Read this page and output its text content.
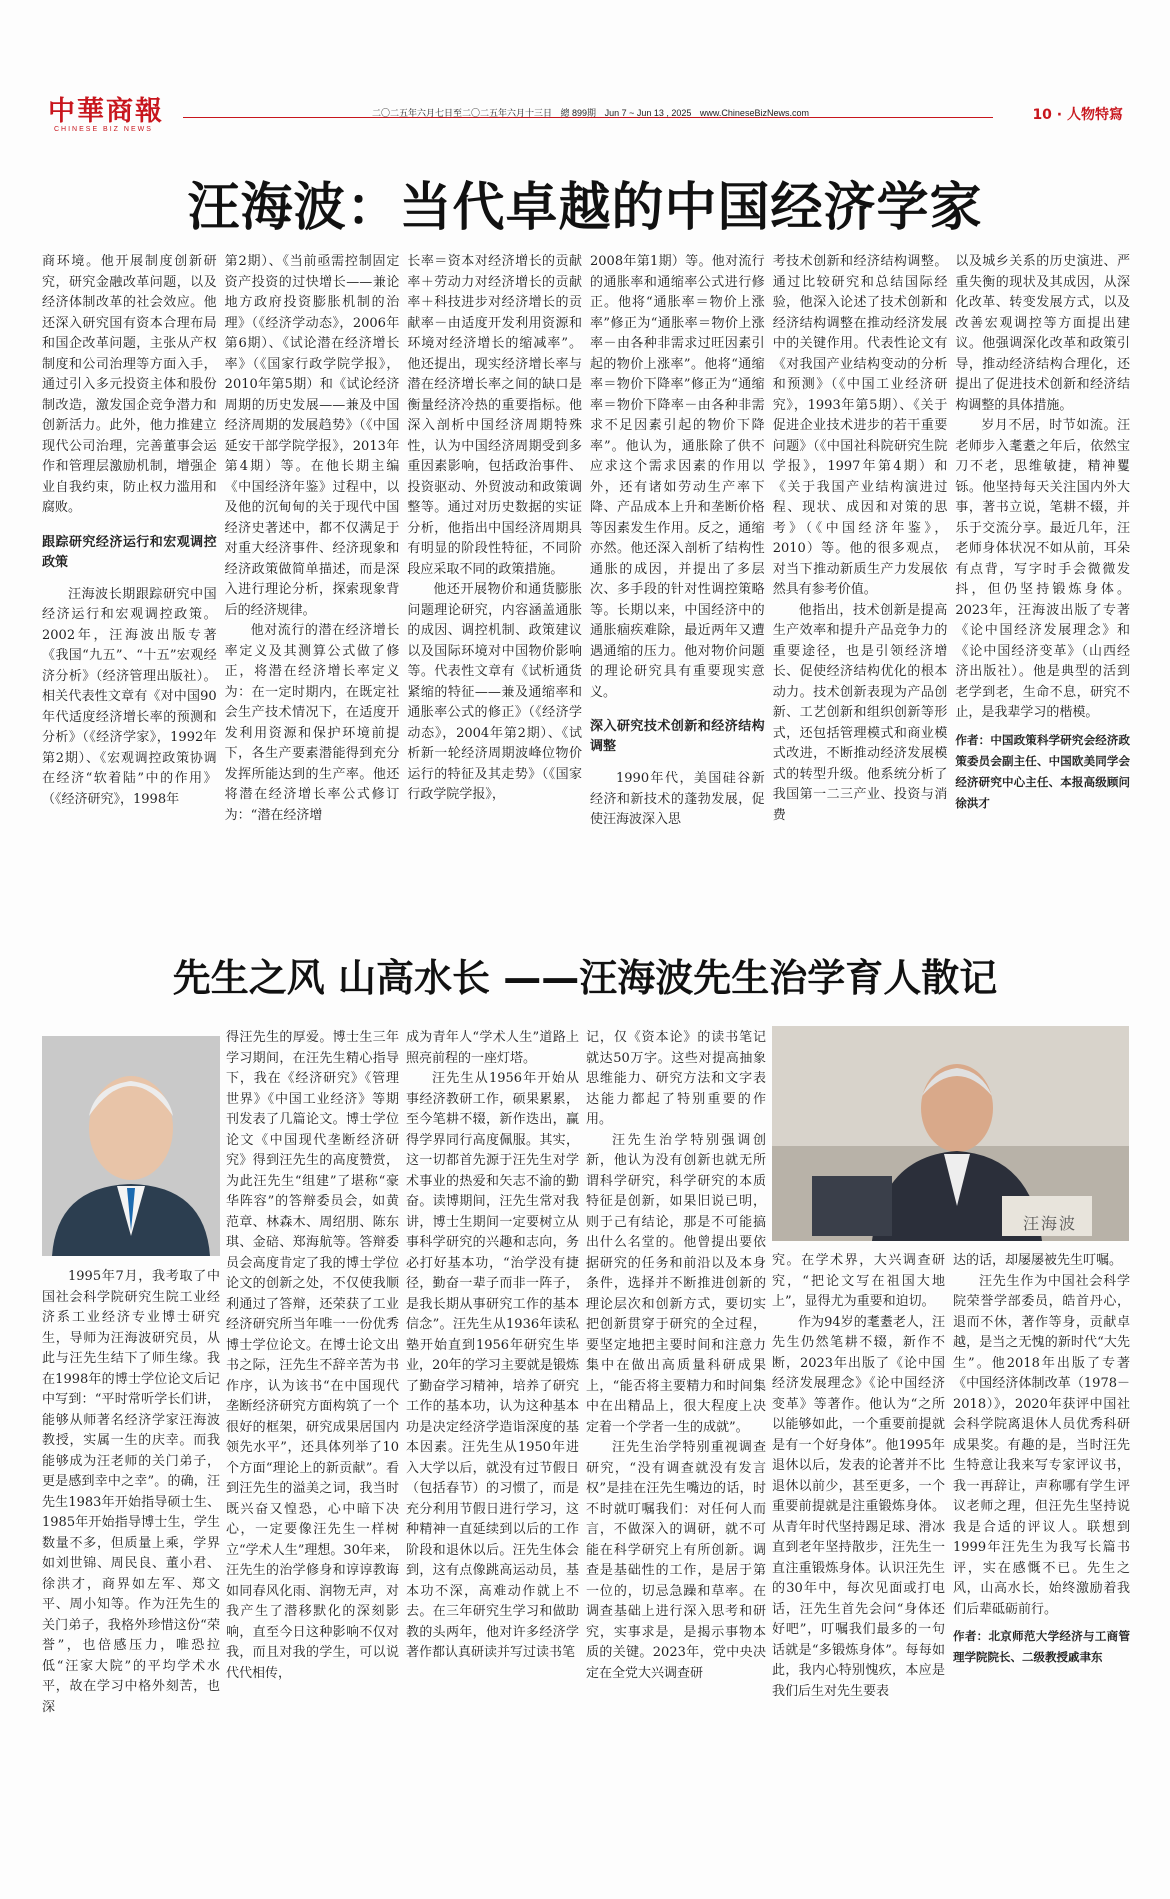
中華商報
CHINESE BIZ NEWS
二〇二五年六月七日至二〇二五年六月十三日 總 899期 Jun 7 ~ Jun 13 , 2025 www.ChineseBizNews.com	10 · 人物特寫
汪海波：当代卓越的中国经济学家

商环境。他开展制度创新研究，研究金融改革问题，以及经济体制改革的社会效应。他还深入研究国有资本合理布局和国企改革问题，主张从产权制度和公司治理等方面入手，通过引入多元投资主体和股份制改造，激发国企竞争潜力和创新活力。此外，他力推建立现代公司治理，完善董事会运作和管理层激励机制，增强企业自我约束，防止权力滥用和腐败。

跟踪研究经济运行和宏观调控政策

汪海波长期跟踪研究中国经济运行和宏观调控政策。2002年，汪海波出版专著《我国“九五”、“十五”宏观经济分析》（经济管理出版社）。相关代表性文章有《对中国90年代适度经济增长率的预测和分析》（《经济学家》，1992年第2期）、《宏观调控政策协调在经济“软着陆”中的作用》（《经济研究》，1998年

第2期）、《当前亟需控制固定资产投资的过快增长——兼论地方政府投资膨胀机制的治理》（《经济学动态》，2006年第6期）、《试论潜在经济增长率》（《国家行政学院学报》，2010年第5期）和《试论经济周期的历史发展——兼及中国经济周期的发展趋势》（《中国延安干部学院学报》，2013年第4期）等。在他长期主编《中国经济年鉴》过程中，以及他的沉甸甸的关于现代中国经济史著述中，都不仅满足于对重大经济事件、经济现象和经济政策做简单描述，而是深入进行理论分析，探索现象背后的经济规律。

他对流行的潜在经济增长率定义及其测算公式做了修正，将潜在经济增长率定义为：在一定时期内，在既定社会生产技术情况下，在适度开发利用资源和保护环境前提下，各生产要素潜能得到充分发挥所能达到的生产率。他还将潜在经济增长率公式修订为：“潜在经济增

长率＝资本对经济增长的贡献率＋劳动力对经济增长的贡献率＋科技进步对经济增长的贡献率－由适度开发利用资源和环境对经济增长的缩减率”。他还提出，现实经济增长率与潜在经济增长率之间的缺口是衡量经济冷热的重要指标。他深入剖析中国经济周期特殊性，认为中国经济周期受到多重因素影响，包括政治事件、投资驱动、外贸波动和政策调整等。通过对历史数据的实证分析，他指出中国经济周期具有明显的阶段性特征，不同阶段应采取不同的政策措施。

他还开展物价和通货膨胀问题理论研究，内容涵盖通胀的成因、调控机制、政策建议以及国际环境对中国物价影响等。代表性文章有《试析通货紧缩的特征——兼及通缩率和通胀率公式的修正》（《经济学动态》，2004年第2期）、《试析新一轮经济周期波峰位物价运行的特征及其走势》（《国家行政学院学报》，

2008年第1期）等。他对流行的通胀率和通缩率公式进行修正。他将“通胀率＝物价上涨率”修正为“通胀率＝物价上涨率－由各种非需求过旺因素引起的物价上涨率”。他将“通缩率＝物价下降率”修正为“通缩率＝物价下降率－由各种非需求不足因素引起的物价下降率”。他认为，通胀除了供不应求这个需求因素的作用以外，还有诸如劳动生产率下降、产品成本上升和垄断价格等因素发生作用。反之，通缩亦然。他还深入剖析了结构性通胀的成因，并提出了多层次、多手段的针对性调控策略等。长期以来，中国经济中的通胀痼疾难除，最近两年又遭遇通缩的压力。他对物价问题的理论研究具有重要现实意义。

深入研究技术创新和经济结构调整

1990年代，美国硅谷新经济和新技术的蓬勃发展，促使汪海波深入思

考技术创新和经济结构调整。通过比较研究和总结国际经验，他深入论述了技术创新和经济结构调整在推动经济发展中的关键作用。代表性论文有《对我国产业结构变动的分析和预测》（《中国工业经济研究》，1993年第5期）、《关于促进企业技术进步的若干重要问题》（《中国社科院研究生院学报》，1997年第4期）和《关于我国产业结构演进过程、现状、成因和对策的思考》（《中国经济年鉴》，2010）等。他的很多观点，对当下推动新质生产力发展依然具有参考价值。

他指出，技术创新是提高生产效率和提升产品竞争力的重要途径，也是引领经济增长、促使经济结构优化的根本动力。技术创新表现为产品创新、工艺创新和组织创新等形式，还包括管理模式和商业模式改进，不断推动经济发展模式的转型升级。他系统分析了我国第一二三产业、投资与消费

以及城乡关系的历史演进、严重失衡的现状及其成因，从深化改革、转变发展方式，以及改善宏观调控等方面提出建议。他强调深化改革和政策引导，推动经济结构合理化，还提出了促进技术创新和经济结构调整的具体措施。

岁月不居，时节如流。汪老师步入耄耋之年后，依然宝刀不老，思维敏捷，精神矍铄。他坚持每天关注国内外大事，著书立说，笔耕不辍，并乐于交流分享。最近几年，汪老师身体状况不如从前，耳朵有点背，写字时手会微微发抖，但仍坚持锻炼身体。2023年，汪海波出版了专著《论中国经济发展理念》和《论中国经济变革》（山西经济出版社）。他是典型的活到老学到老，生命不息，研究不止，是我辈学习的楷模。

作者：中国政策科学研究会经济政策委员会副主任、中国欧美同学会经济研究中心主任、本报高级顾问徐洪才

先生之风 山高水长 ——汪海波先生治学育人散记
汪海波

1995年7月，我考取了中国社会科学院研究生院工业经济系工业经济专业博士研究生，导师为汪海波研究员，从此与汪先生结下了师生缘。我在1998年的博士学位论文后记中写到：“平时常听学长们讲，能够从师著名经济学家汪海波教授，实属一生的庆幸。而我能够成为汪老师的关门弟子，更是感到幸中之幸”。的确，汪先生1983年开始指导硕士生、1985年开始指导博士生，学生数量不多，但质量上乘，学界如刘世锦、周民良、董小君、徐洪才，商界如左军、郑文平、周小知等。作为汪先生的关门弟子，我格外珍惜这份“荣誉”，也倍感压力，唯恐拉低“汪家大院”的平均学术水平，故在学习中格外刻苦，也深

得汪先生的厚爱。博士生三年学习期间，在汪先生精心指导下，我在《经济研究》《管理世界》《中国工业经济》等期刊发表了几篇论文。博士学位论文《中国现代垄断经济研究》得到汪先生的高度赞赏，为此汪先生“组建”了堪称“豪华阵容”的答辩委员会，如黄范章、林森木、周绍朋、陈东琪、金碚、郑海航等。答辩委员会高度肯定了我的博士学位论文的创新之处，不仅使我顺利通过了答辩，还荣获了工业经济研究所当年唯一一份优秀博士学位论文。在博士论文出书之际，汪先生不辞辛苦为书作序，认为该书“在中国现代垄断经济研究方面构筑了一个很好的框架，研究成果居国内领先水平”，还具体列举了10个方面“理论上的新贡献”。看到汪先生的溢美之词，我当时既兴奋又惶恐，心中暗下决心，一定要像汪先生一样树立“学术人生”理想。30年来，汪先生的治学修身和谆谆教诲如同春风化雨、润物无声，对我产生了潜移默化的深刻影响，直至今日这种影响不仅对我，而且对我的学生，可以说代代相传，

成为青年人“学术人生”道路上照亮前程的一座灯塔。

汪先生从1956年开始从事经济教研工作，硕果累累，至今笔耕不辍，新作迭出，赢得学界同行高度佩服。其实，这一切都首先源于汪先生对学术事业的热爱和矢志不渝的勤奋。读博期间，汪先生常对我讲，博士生期间一定要树立从事科学研究的兴趣和志向，务必打好基本功，“治学没有捷径，勤奋一辈子而非一阵子，是我长期从事研究工作的基本信念”。汪先生从1936年读私塾开始直到1956年研究生毕业，20年的学习主要就是锻炼了勤奋学习精神，培养了研究工作的基本功，认为这种基本功是决定经济学造诣深度的基本因素。汪先生从1950年进入大学以后，就没有过节假日（包括春节）的习惯了，而是充分利用节假日进行学习，这种精神一直延续到以后的工作阶段和退休以后。汪先生体会到，这有点像跳高运动员，基本功不深，高难动作就上不去。在三年研究生学习和做助教的头两年，他对许多经济学著作都认真研读并写过读书笔

记，仅《资本论》的读书笔记就达50万字。这些对提高抽象思维能力、研究方法和文字表达能力都起了特别重要的作用。

汪先生治学特别强调创新，他认为没有创新也就无所谓科学研究，科学研究的本质特征是创新，如果旧说已明，则于己有结论，那是不可能搞出什么名堂的。他曾提出要依据研究的任务和前沿以及本身条件，选择并不断推进创新的理论层次和创新方式，要切实把创新贯穿于研究的全过程，要坚定地把主要时间和注意力集中在做出高质量科研成果上，“能否将主要精力和时间集中在出精品上，很大程度上决定着一个学者一生的成就”。

汪先生治学特别重视调查研究，“没有调查就没有发言权”是挂在汪先生嘴边的话，时不时就叮嘱我们：对任何人而言，不做深入的调研，就不可能在科学研究上有所创新。调查是基础性的工作，是居于第一位的，切忌急躁和草率。在调查基础上进行深入思考和研究，实事求是，是揭示事物本质的关键。2023年，党中央决定在全党大兴调查研

究。在学术界，大兴调查研究，“把论文写在祖国大地上”，显得尤为重要和迫切。

作为94岁的耄耋老人，汪先生仍然笔耕不辍，新作不断，2023年出版了《论中国经济发展理念》《论中国经济变革》等著作。他认为“之所以能够如此，一个重要前提就是有一个好身体”。他1995年退休以后，发表的论著并不比退休以前少，甚至更多，一个重要前提就是注重锻炼身体。从青年时代坚持踢足球、滑冰直到老年坚持散步，汪先生一直注重锻炼身体。认识汪先生的30年中，每次见面或打电话，汪先生首先会问“身体还好吧”，叮嘱我们最多的一句话就是“多锻炼身体”。每每如此，我内心特别愧疚，本应是我们后生对先生要表

达的话，却屡屡被先生叮嘱。

汪先生作为中国社会科学院荣誉学部委员，皓首丹心，退而不休，著作等身，贡献卓越，是当之无愧的新时代“大先生”。他2018年出版了专著《中国经济体制改革（1978－2018）》，2020年获评中国社会科学院离退休人员优秀科研成果奖。有趣的是，当时汪先生特意让我来写专家评议书，我一再辞让，声称哪有学生评议老师之理，但汪先生坚持说我是合适的评议人。联想到1999年汪先生为我写长篇书评，实在感慨不已。先生之风，山高水长，始终激励着我们后辈砥砺前行。

作者：北京师范大学经济与工商管理学院院长、二级教授戚聿东
